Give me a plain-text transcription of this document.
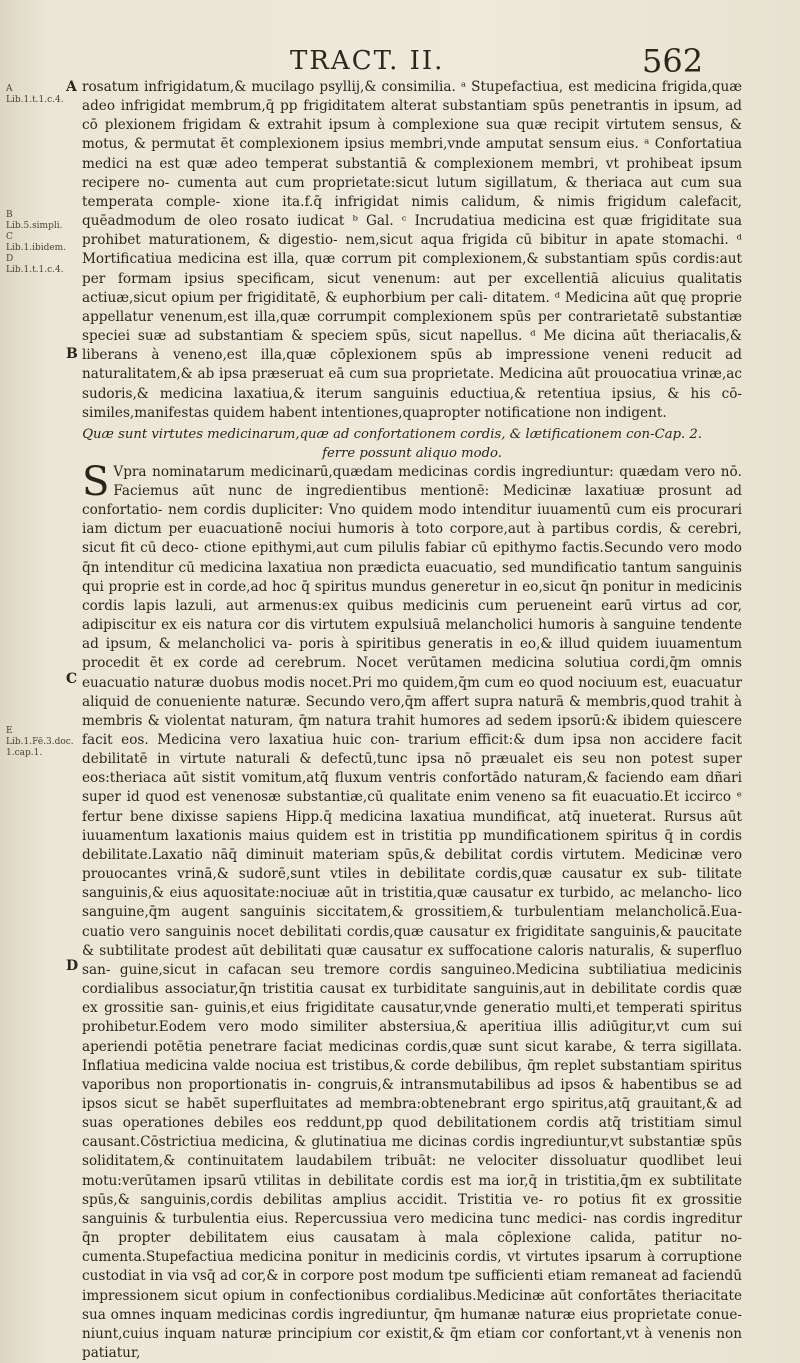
TRACT. II.	562
A Lib.1.t.1.c.4.
B Lib.5.simpli.
C Lib.1.ibidem.
D Lib.1.t.1.c.4.
E Lib.1.Fē.3.doc. 1.cap.1.
A
B
C
D

rosatum infrigidatum,& mucilago psyllij,& consimilia. ᵃ Stupefactiua, est medicina frigida,quæ adeo infrigidat membrum,q̄ pp frigiditatem alterat substantiam spūs penetrantis in ipsum, ad cō plexionem frigidam & extrahit ipsum à complexione sua quæ recipit virtutem sensus, & motus, & permutat ēt complexionem ipsius membri,vnde amputat sensum eius. ᵃ Confortatiua medici na est quæ adeo temperat substantiā & complexionem membri, vt prohibeat ipsum recipere no- cumenta aut cum proprietate:sicut lutum sigillatum, & theriaca aut cum sua temperata comple- xione ita.f.q̄ infrigidat nimis calidum, & nimis frigidum calefacit, quēadmodum de oleo rosato iudicat ᵇ Gal. ᶜ Incrudatiua medicina est quæ frigiditate sua prohibet maturationem, & digestio- nem,sicut aqua frigida cū bibitur in apate stomachi. ᵈ Mortificatiua medicina est illa, quæ corrum pit complexionem,& substantiam spūs cordis:aut per formam ipsius specificam, sicut venenum: aut per excellentiā alicuius qualitatis actiuæ,sicut opium per frigiditatē, & euphorbium per cali- ditatem. ᵈ Medicina aūt quę proprie appellatur venenum,est illa,quæ corrumpit complexionem spūs per contrarietatē substantiæ speciei suæ ad substantiam & speciem spūs, sicut napellus. ᵈ Me dicina aūt theriacalis,& liberans à veneno,est illa,quæ cōplexionem spūs ab impressione veneni reducit ad naturalitatem,& ab ipsa præseruat eā cum sua proprietate. Medicina aūt prouocatiua vrinæ,ac sudoris,& medicina laxatiua,& iterum sanguinis eductiua,& retentiua ipsius, & his cō- similes,manifestas quidem habent intentiones,quapropter notificatione non indigent.

Cap. 2.
Quæ sunt virtutes medicinarum,quæ ad confortationem cordis, & lætificationem con- ferre possunt aliquo modo.

S Vpra nominatarum medicinarū,quædam medicinas cordis ingrediuntur: quædam vero nō. Faciemus aūt nunc de ingredientibus mentionē: Medicinæ laxatiuæ prosunt ad confortatio- nem cordis dupliciter: Vno quidem modo intenditur iuuamentū cum eis procurari iam dictum per euacuationē nociui humoris à toto corpore,aut à partibus cordis, & cerebri, sicut fit cū deco- ctione epithymi,aut cum pilulis fabiar cū epithymo factis.Secundo vero modo q̄n intenditur cū medicina laxatiua non prædicta euacuatio, sed mundificatio tantum sanguinis qui proprie est in corde,ad hoc q̄ spiritus mundus generetur in eo,sicut q̄n ponitur in medicinis cordis lapis lazuli, aut armenus:ex quibus medicinis cum perueneint earū virtus ad cor, adipiscitur ex eis natura cor dis virtutem expulsiuā melancholici humoris à sanguine tendente ad ipsum, & melancholici va- poris à spiritibus generatis in eo,& illud quidem iuuamentum procedit ēt ex corde ad cerebrum. Nocet verūtamen medicina solutiua cordi,q̄m omnis euacuatio naturæ duobus modis nocet.Pri mo quidem,q̄m cum eo quod nociuum est, euacuatur aliquid de conueniente naturæ. Secundo vero,q̄m affert supra naturā & membris,quod trahit à membris & violentat naturam, q̄m natura trahit humores ad sedem ipsorū:& ibidem quiescere facit eos. Medicina vero laxatiua huic con- trarium efficit:& dum ipsa non accidere facit debilitatē in virtute naturali & defectū,tunc ipsa nō præualet eis seu non potest super eos:theriaca aūt sistit vomitum,atq̄ fluxum ventris confortādo naturam,& faciendo eam dñari super id quod est venenosæ substantiæ,cū qualitate enim veneno sa fit euacuatio.Et iccirco ᵉ fertur bene dixisse sapiens Hipp.q̄ medicina laxatiua mundificat, atq̄ inueterat. Rursus aūt iuuamentum laxationis maius quidem est in tristitia pp mundificationem spiritus q̄ in cordis debilitate.Laxatio nāq̄ diminuit materiam spūs,& debilitat cordis virtutem. Medicinæ vero prouocantes vrinā,& sudorē,sunt vtiles in debilitate cordis,quæ causatur ex sub- tilitate sanguinis,& eius aquositate:nociuæ aūt in tristitia,quæ causatur ex turbido, ac melancho- lico sanguine,q̄m augent sanguinis siccitatem,& grossitiem,& turbulentiam melancholicā.Eua- cuatio vero sanguinis nocet debilitati cordis,quæ causatur ex frigiditate sanguinis,& paucitate & subtilitate prodest aūt debilitati quæ causatur ex suffocatione caloris naturalis, & superfluo san- guine,sicut in cafacan seu tremore cordis sanguineo.Medicina subtiliatiua medicinis cordialibus associatur,q̄n tristitia causat ex turbiditate sanguinis,aut in debilitate cordis quæ ex grossitie san- guinis,et eius frigiditate causatur,vnde generatio multi,et temperati spiritus prohibetur.Eodem vero modo similiter abstersiua,& aperitiua illis adiūgitur,vt cum sui aperiendi potētia penetrare faciat medicinas cordis,quæ sunt sicut karabe, & terra sigillata. Inflatiua medicina valde nociua est tristibus,& corde debilibus, q̄m replet substantiam spiritus vaporibus non proportionatis in- congruis,& intransmutabilibus ad ipsos & habentibus se ad ipsos sicut se habēt superfluitates ad membra:obtenebrant ergo spiritus,atq̄ grauitant,& ad suas operationes debiles eos reddunt,pp quod debilitationem cordis atq̄ tristitiam simul causant.Cōstrictiua medicina, & glutinatiua me dicinas cordis ingrediuntur,vt substantiæ spūs soliditatem,& continuitatem laudabilem tribuāt: ne velociter dissoluatur quodlibet leui motu:verūtamen ipsarū vtilitas in debilitate cordis est ma ior,q̄ in tristitia,q̄m ex subtilitate spūs,& sanguinis,cordis debilitas amplius accidit. Tristitia ve- ro potius fit ex grossitie sanguinis & turbulentia eius. Repercussiua vero medicina tunc medici- nas cordis ingreditur q̄n propter debilitatem eius causatam à mala cōplexione calida, patitur no- cumenta.Stupefactiua medicina ponitur in medicinis cordis, vt virtutes ipsarum à corruptione custodiat in via vsq̄ ad cor,& in corpore post modum tpe sufficienti etiam remaneat ad faciendū impressionem sicut opium in confectionibus cordialibus.Medicinæ aūt confortātes theriacitate sua omnes inquam medicinas cordis ingrediuntur, q̄m humanæ naturæ eius proprietate conue- niunt,cuius inquam naturæ principium cor existit,& q̄m etiam cor confortant,vt à venenis non patiatur,
